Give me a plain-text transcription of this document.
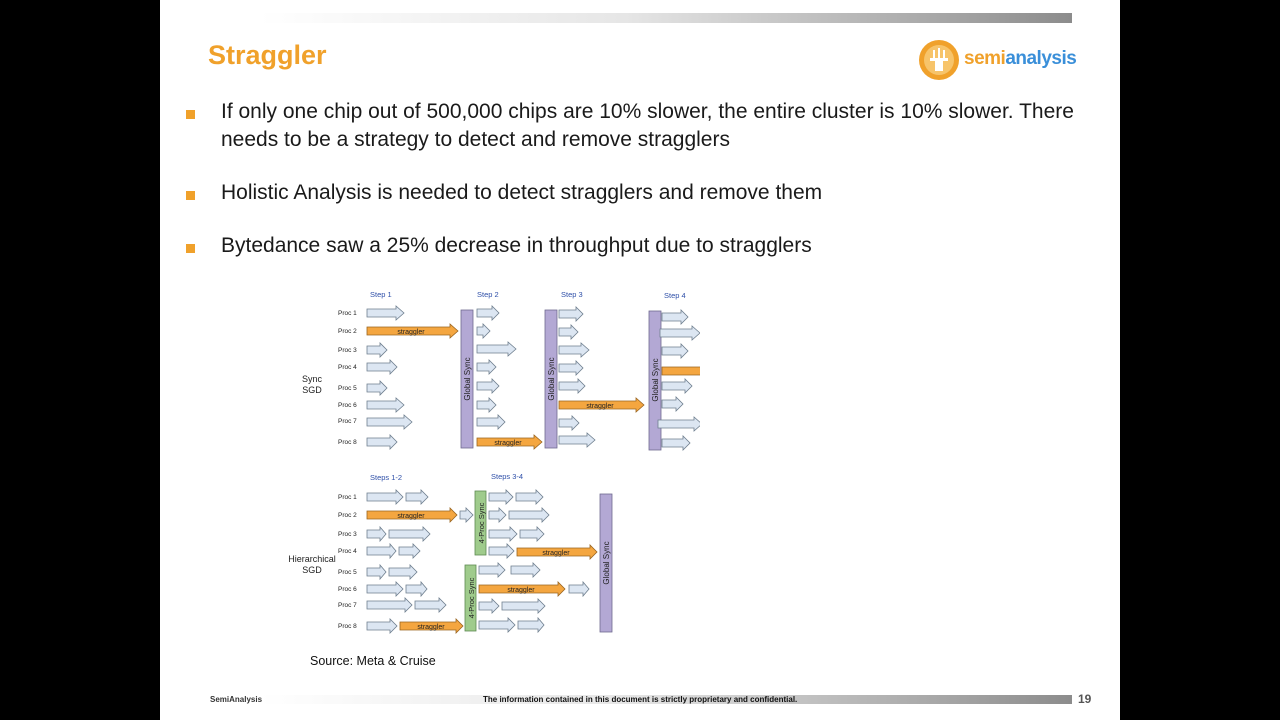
Straggler	semianalysis
If only one chip out of 500,000 chips are 10% slower, the entire cluster is 10% slower. There needs to be a strategy to detect and remove stragglers
Holistic Analysis is needed to detect stragglers and remove them
Bytedance saw a 25% decrease in throughput due to stragglers
Sync
SGD
Step 1	Step 2	Step 3	Step 4
Proc 1
Proc 2
Proc 3
Proc 4
Proc 5
Proc 6
Proc 7
Proc 8
Global Sync	Global Sync	Global Sync
straggler
straggler
straggler
Hierarchical
SGD
Steps 1-2	Steps 3-4
Proc 1
Proc 2
Proc 3
Proc 4
Proc 5
Proc 6
Proc 7
Proc 8
4-Proc Sync
4-Proc Sync
Global Sync
straggler
straggler
straggler
straggler
Source: Meta & Cruise
SemiAnalysis	The information contained in this document is strictly proprietary and confidential.	19
